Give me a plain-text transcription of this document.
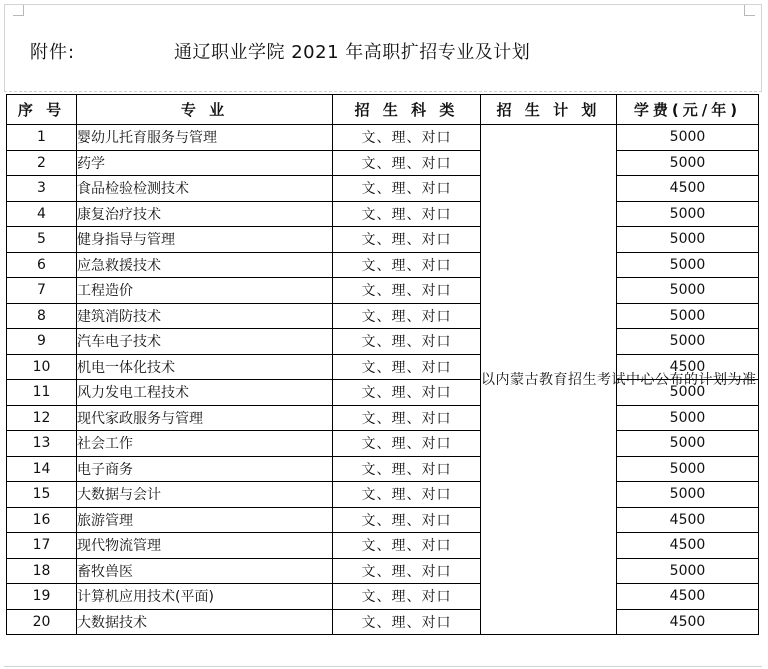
附件:	通辽职业学院 2021 年高职扩招专业及计划
序 号	专 业	招 生 科 类	招 生 计 划	学费(元/年)
1	婴幼儿托育服务与管理	文、理、对口	以内蒙古教育招生考试中心公布的计划为准	5000
2	药学	文、理、对口		5000
3	食品检验检测技术	文、理、对口		4500
4	康复治疗技术	文、理、对口		5000
5	健身指导与管理	文、理、对口		5000
6	应急救援技术	文、理、对口		5000
7	工程造价	文、理、对口		5000
8	建筑消防技术	文、理、对口		5000
9	汽车电子技术	文、理、对口		5000
10	机电一体化技术	文、理、对口		4500
11	风力发电工程技术	文、理、对口		5000
12	现代家政服务与管理	文、理、对口		5000
13	社会工作	文、理、对口		5000
14	电子商务	文、理、对口		5000
15	大数据与会计	文、理、对口		5000
16	旅游管理	文、理、对口		4500
17	现代物流管理	文、理、对口		4500
18	畜牧兽医	文、理、对口		5000
19	计算机应用技术(平面)	文、理、对口		4500
20	大数据技术	文、理、对口		4500
